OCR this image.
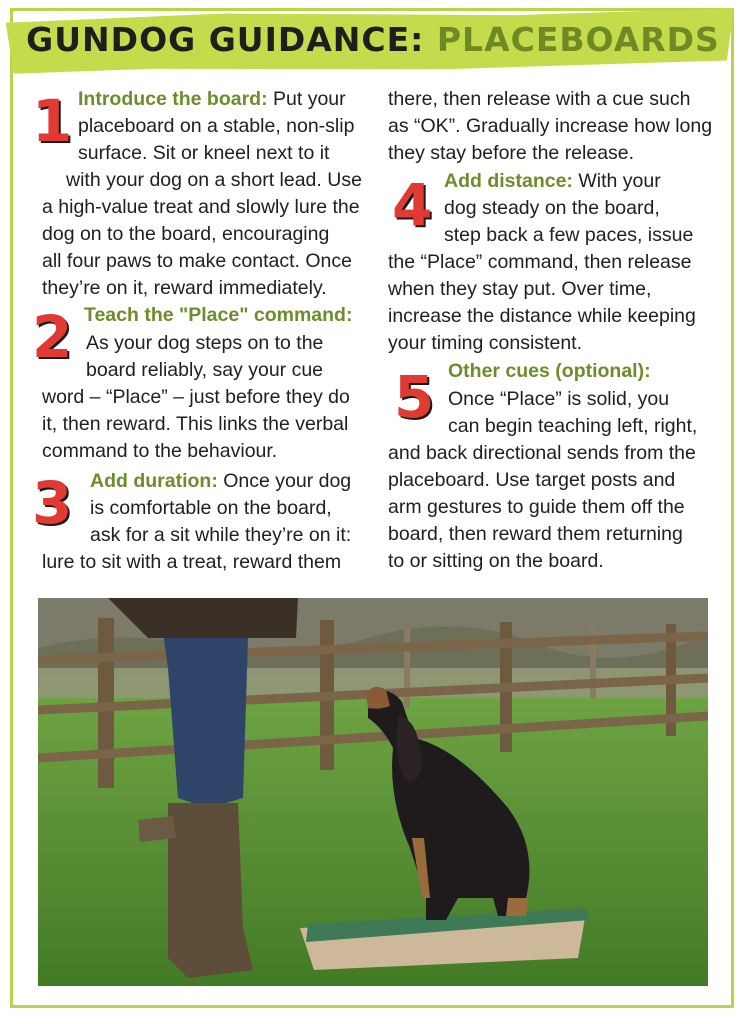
GUNDOG GUIDANCE: PLACEBOARDS
1 Introduce the board: Put your
placeboard on a stable, non-slip
surface. Sit or kneel next to it
with your dog on a short lead. Use
a high-value treat and slowly lure the
dog on to the board, encouraging
all four paws to make contact. Once
they’re on it, reward immediately.
2 Teach the "Place" command:
As your dog steps on to the
board reliably, say your cue
word – “Place” – just before they do
it, then reward. This links the verbal
command to the behaviour.
3 Add duration: Once your dog
is comfortable on the board,
ask for a sit while they’re on it:
lure to sit with a treat, reward them
there, then release with a cue such
as “OK”. Gradually increase how long
they stay before the release.
4 Add distance: With your
dog steady on the board,
step back a few paces, issue
the “Place” command, then release
when they stay put. Over time,
increase the distance while keeping
your timing consistent.
5 Other cues (optional):
Once “Place” is solid, you
can begin teaching left, right,
and back directional sends from the
placeboard. Use target posts and
arm gestures to guide them off the
board, then reward them returning
to or sitting on the board.
